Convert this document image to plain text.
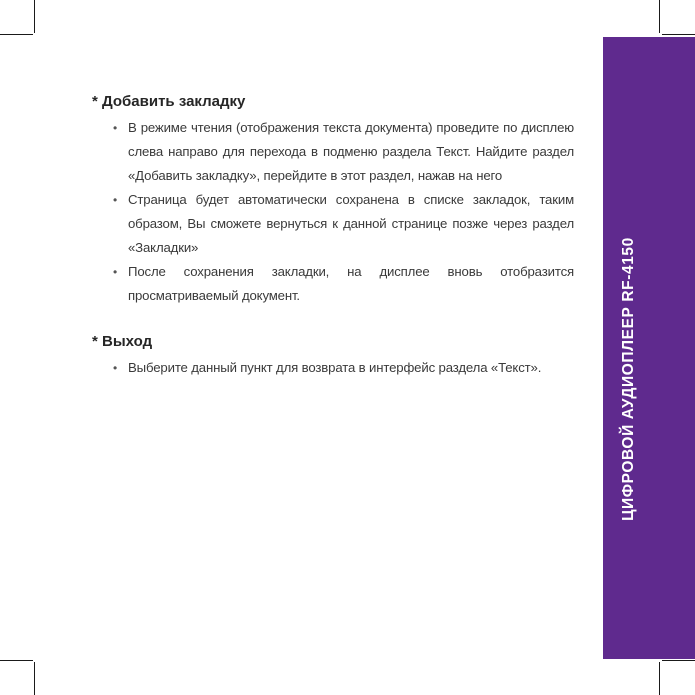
ЦИФРОВОЙ АУДИОПЛЕЕР RF-4150
* Добавить закладку
• В режиме чтения (отображения текста документа) проведите по дисплею слева направо для перехода в подменю раздела Текст. Найдите раздел «Добавить закладку», перейдите в этот раздел, нажав на него
• Страница будет автоматически сохранена в списке закладок, таким образом, Вы сможете вернуться к данной странице позже через раздел «Закладки»
• После сохранения закладки, на дисплее вновь отобразится просматриваемый документ.
* Выход
• Выберите данный пункт для возврата в интерфейс раздела «Текст».
